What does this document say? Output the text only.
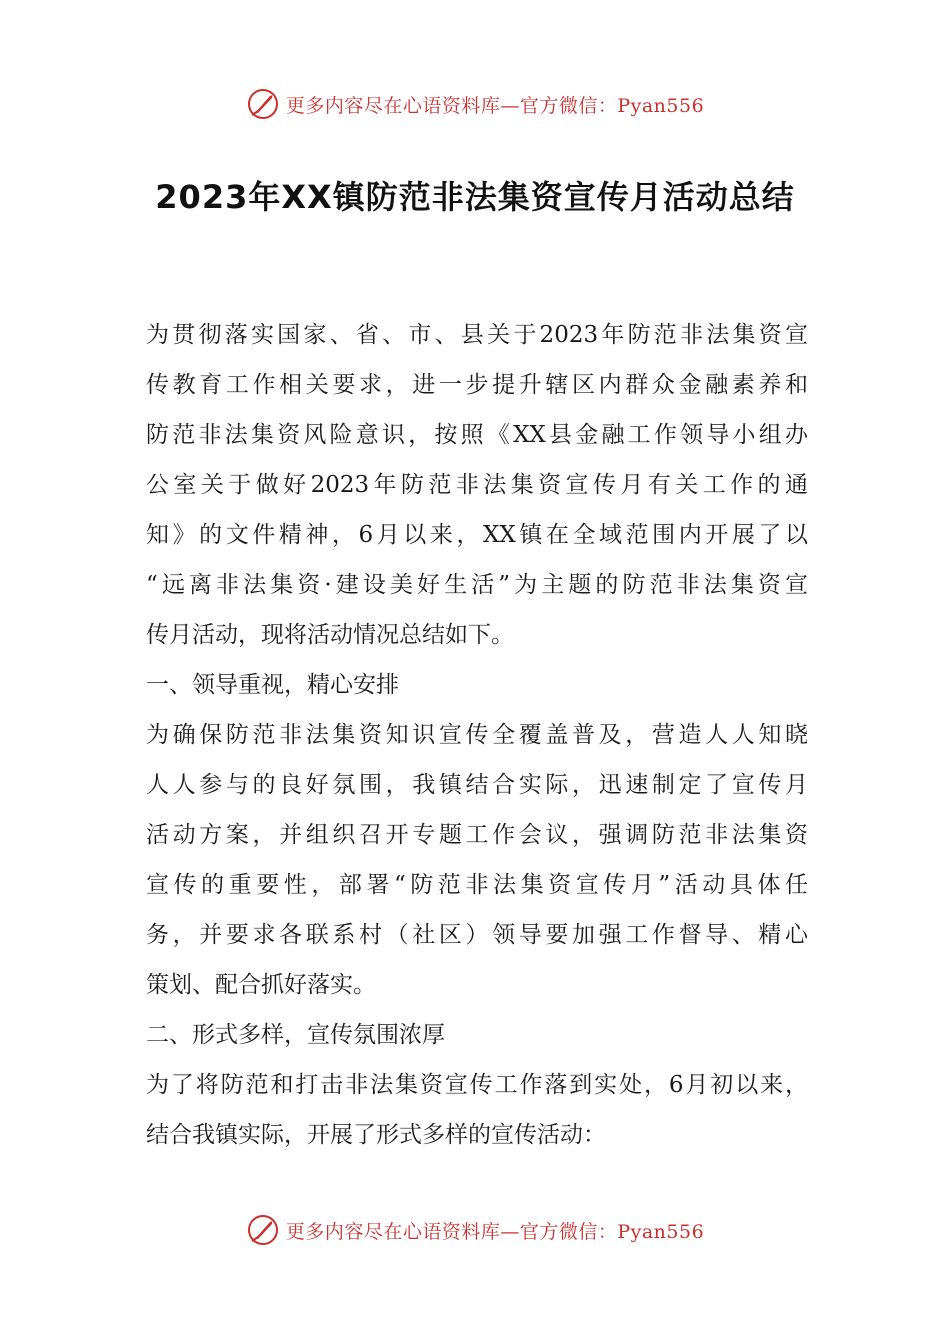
更多内容尽在心语资料库—官方微信：Pyan556
2023年XX镇防范非法集资宣传月活动总结
为贯彻落实国家、省、市、县关于2023年防范非法集资宣
传教育工作相关要求，进一步提升辖区内群众金融素养和
防范非法集资风险意识，按照《XX县金融工作领导小组办
公室关于做好2023年防范非法集资宣传月有关工作的通
知》的文件精神，6月以来，XX镇在全域范围内开展了以
“远离非法集资·建设美好生活”为主题的防范非法集资宣
传月活动，现将活动情况总结如下。
一、领导重视，精心安排
为确保防范非法集资知识宣传全覆盖普及，营造人人知晓
人人参与的良好氛围，我镇结合实际，迅速制定了宣传月
活动方案，并组织召开专题工作会议，强调防范非法集资
宣传的重要性，部署“防范非法集资宣传月”活动具体任
务，并要求各联系村（社区）领导要加强工作督导、精心
策划、配合抓好落实。
二、形式多样，宣传氛围浓厚
为了将防范和打击非法集资宣传工作落到实处，6月初以来，
结合我镇实际，开展了形式多样的宣传活动：
更多内容尽在心语资料库—官方微信：Pyan556
